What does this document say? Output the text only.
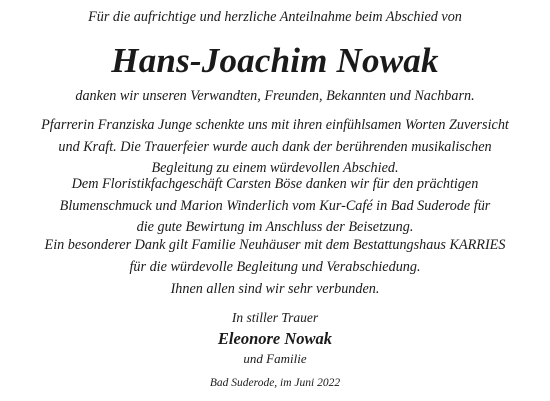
Für die aufrichtige und herzliche Anteilnahme beim Abschied von

Hans-Joachim Nowak

danken wir unseren Verwandten, Freunden, Bekannten und Nachbarn.

Pfarrerin Franziska Junge schenkte uns mit ihren einfühlsamen Worten Zuversicht
und Kraft. Die Trauerfeier wurde auch dank der berührenden musikalischen
Begleitung zu einem würdevollen Abschied.

Dem Floristikfachgeschäft Carsten Böse danken wir für den prächtigen
Blumenschmuck und Marion Winderlich vom Kur-Café in Bad Suderode für
die gute Bewirtung im Anschluss der Beisetzung.

Ein besonderer Dank gilt Familie Neuhäuser mit dem Bestattungshaus KARRIES
für die würdevolle Begleitung und Verabschiedung.

Ihnen allen sind wir sehr verbunden.

In stiller Trauer

Eleonore Nowak

und Familie

Bad Suderode, im Juni 2022
